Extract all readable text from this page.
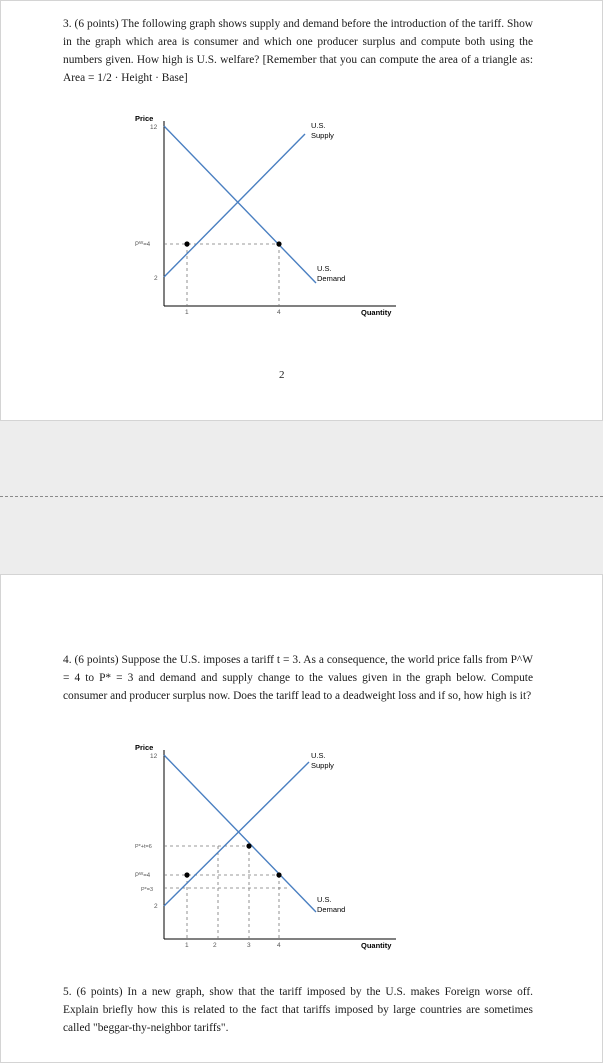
3. (6 points) The following graph shows supply and demand before the introduction of the tariff. Show in the graph which area is consumer and which one producer surplus and compute both using the numbers given. How high is U.S. welfare? [Remember that you can compute the area of a triangle as: Area = 1/2 · Height · Base]

Price
Quantity
12
2
$P^W=4$
1	4
U.S.
Supply
U.S.
Demand
2

4. (6 points) Suppose the U.S. imposes a tariff t = 3. As a consequence, the world price falls from P^W = 4 to P* = 3 and demand and supply change to the values given in the graph below. Compute consumer and producer surplus now. Does the tariff lead to a deadweight loss and if so, how high is it?

Price
Quantity
12
P*+t=6
$P^W=4$
P*=3
2
1	2	3	4
U.S.
Supply
U.S.
Demand

5. (6 points) In a new graph, show that the tariff imposed by the U.S. makes Foreign worse off. Explain briefly how this is related to the fact that tariffs imposed by large countries are sometimes called "beggar-thy-neighbor tariffs".
